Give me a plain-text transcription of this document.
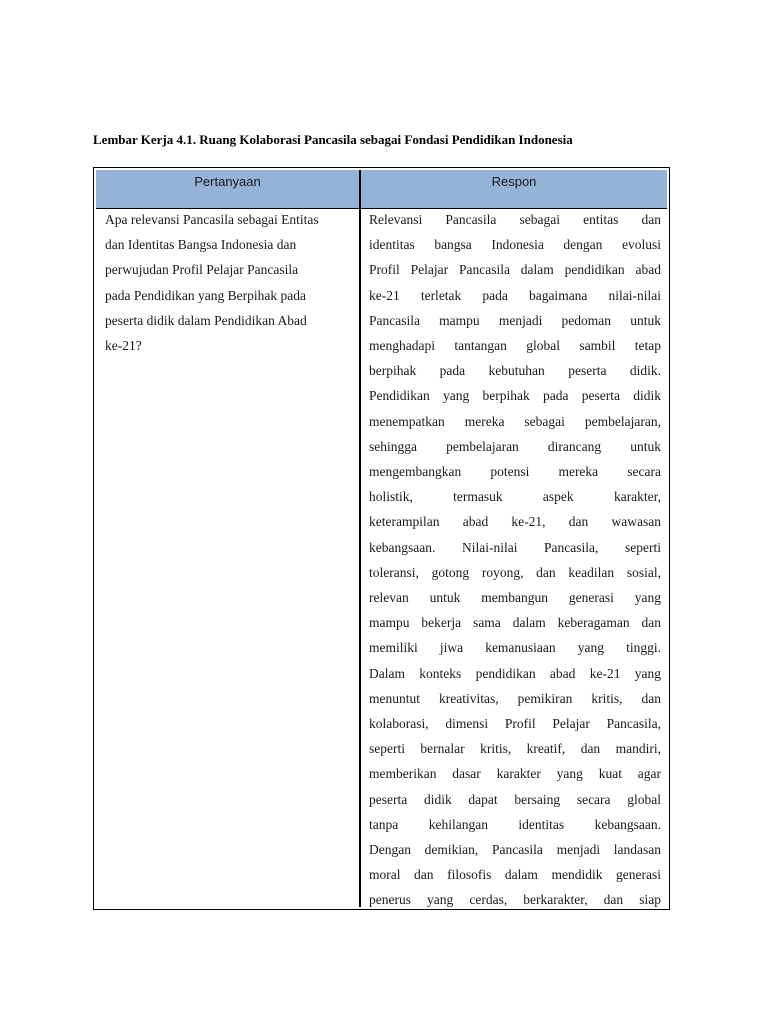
Lembar Kerja 4.1. Ruang Kolaborasi Pancasila sebagai Fondasi Pendidikan Indonesia
Pertanyaan	Respon
Apa relevansi Pancasila sebagai Entitas
dan Identitas Bangsa Indonesia dan
perwujudan Profil Pelajar Pancasila
pada Pendidikan yang Berpihak pada
peserta didik dalam Pendidikan Abad
ke-21?
Relevansi Pancasila sebagai entitas dan
identitas bangsa Indonesia dengan evolusi
Profil Pelajar Pancasila dalam pendidikan abad
ke-21 terletak pada bagaimana nilai-nilai
Pancasila mampu menjadi pedoman untuk
menghadapi tantangan global sambil tetap
berpihak pada kebutuhan peserta didik.
Pendidikan yang berpihak pada peserta didik
menempatkan mereka sebagai pembelajaran,
sehingga pembelajaran dirancang untuk
mengembangkan potensi mereka secara
holistik, termasuk aspek karakter,
keterampilan abad ke-21, dan wawasan
kebangsaan. Nilai-nilai Pancasila, seperti
toleransi, gotong royong, dan keadilan sosial,
relevan untuk membangun generasi yang
mampu bekerja sama dalam keberagaman dan
memiliki jiwa kemanusiaan yang tinggi.
Dalam konteks pendidikan abad ke-21 yang
menuntut kreativitas, pemikiran kritis, dan
kolaborasi, dimensi Profil Pelajar Pancasila,
seperti bernalar kritis, kreatif, dan mandiri,
memberikan dasar karakter yang kuat agar
peserta didik dapat bersaing secara global
tanpa kehilangan identitas kebangsaan.
Dengan demikian, Pancasila menjadi landasan
moral dan filosofis dalam mendidik generasi
penerus yang cerdas, berkarakter, dan siap
